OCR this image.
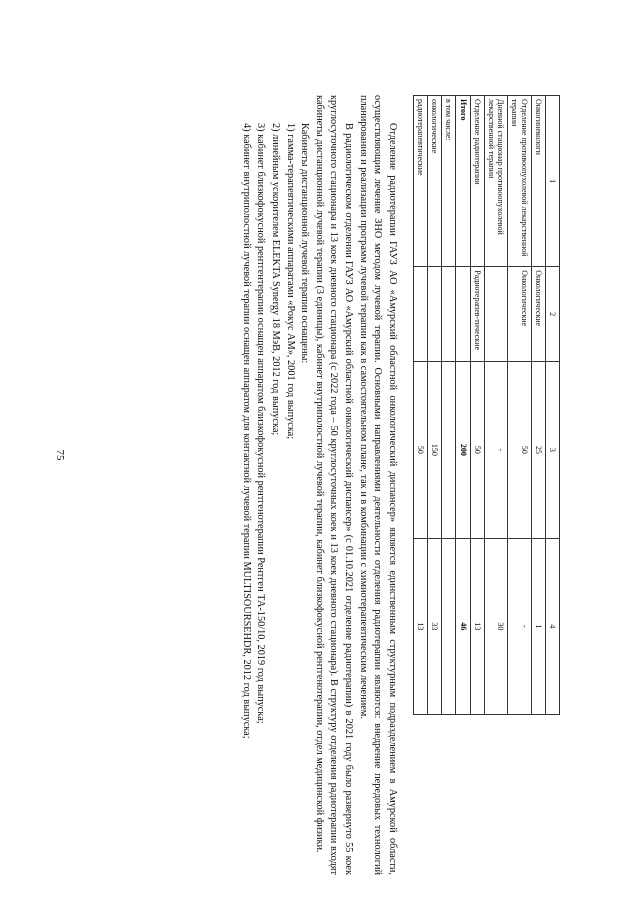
75
1	2	3	4
Онкогинекологи	Онкологические	25	1
Отделение противоопухолевой лекарственной терапии	Онкологические	50	-
Дневной стационар противоопухолевой лекарственной терапии		-	30
Отделение радиотерапии	Радиотерапев-тические	50	13
Итого		200	46
в том числе:			
онкологические		150	33
радиотерапевтические		50	13

Отделение радиотерапии ГАУЗ АО «Амурский областной онкологический диспансер» является единственным структурным подразделением в Амурской области, осуществляющим лечение ЗНО методом лучевой терапии. Основными направлениями деятельности отделения радиотерапии являются: внедрение передовых технологий планирования и реализации программ лучевой терапии как в самостоятельном плане, так и в комбинации с химиотерапевтическим лечением.

В радиологическом отделении ГАУЗ АО «Амурский областной онкологический диспансер» (с 01.10.2021 отделение радиотерапии) в 2021 году было развернуто 55 коек круглосуточного стационара и 13 коек дневного стационара (с 2022 года – 50 круглосуточных коек и 13 коек дневного стационара). В структуру отделения радиотерапии входят кабинеты дистанционной лучевой терапии (3 единицы), кабинет внутриполостной лучевой терапии, кабинет близкофокусной рентгенотерапии, отдел медицинской физики.

Кабинеты дистанционной лучевой терапии оснащены:

1) гамма-терапевтическими аппаратами «Рокус АМ», 2001 год выпуска;

2) линейным ускорителем ELEKTA Synergy 18 МэВ, 2012 год выпуска;

3) кабинет близкофокусной рентгентерапии оснащен аппаратом близкофокусной рентгенотерапии Рентген ТА-150/10, 2019 год выпуска;

4) кабинет внутриполостной лучевой терапии оснащен аппаратом для контактной лучевой терапии MULTISOURSEHDR, 2012 год выпуска;
